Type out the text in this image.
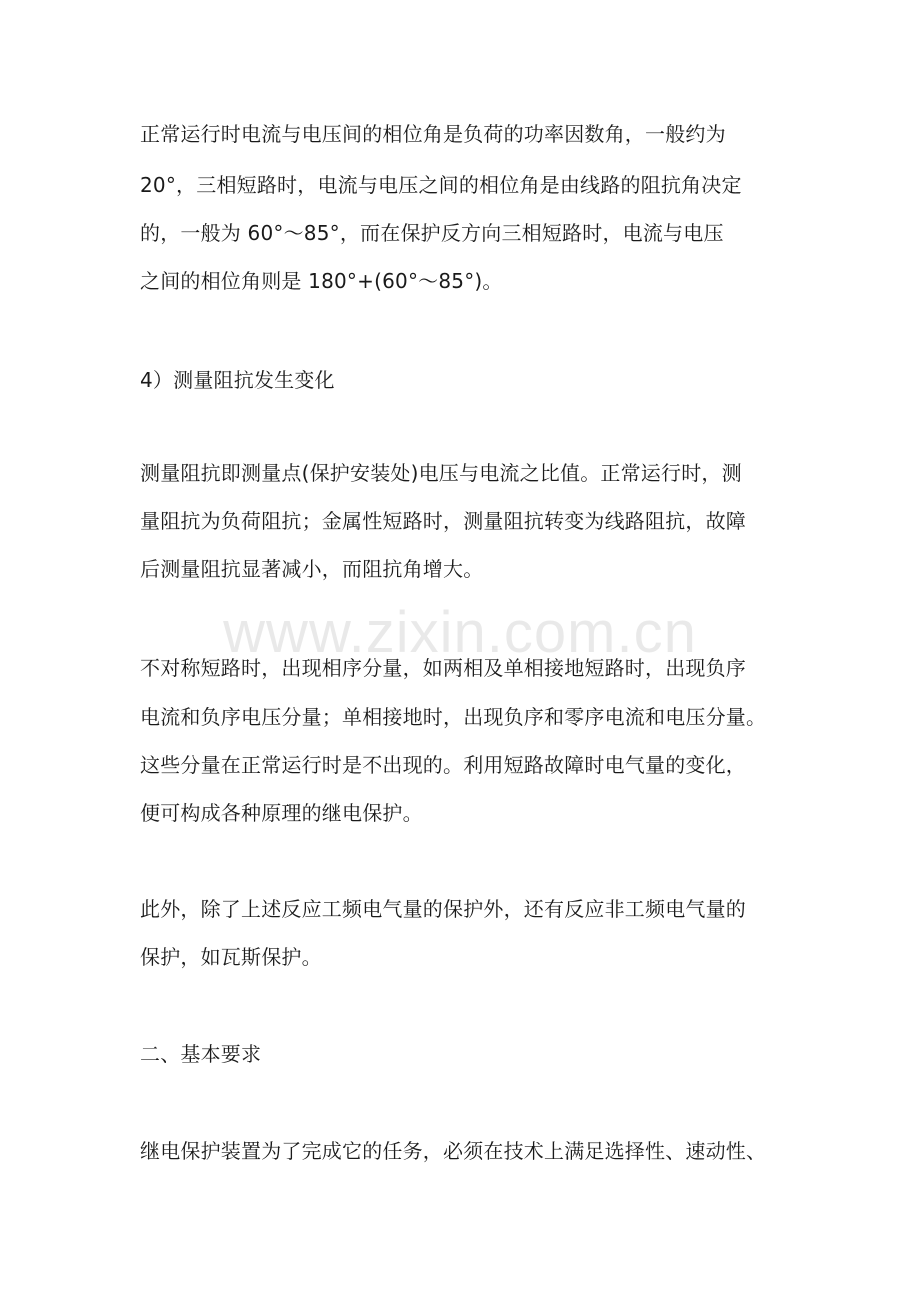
正常运行时电流与电压间的相位角是负荷的功率因数角，一般约为
20°，三相短路时，电流与电压之间的相位角是由线路的阻抗角决定
的，一般为 60°～85°，而在保护反方向三相短路时，电流与电压
之间的相位角则是 180°+(60°～85°)。
4）测量阻抗发生变化
测量阻抗即测量点(保护安装处)电压与电流之比值。正常运行时，测
量阻抗为负荷阻抗；金属性短路时，测量阻抗转变为线路阻抗，故障
后测量阻抗显著减小，而阻抗角增大。
不对称短路时，出现相序分量，如两相及单相接地短路时，出现负序
电流和负序电压分量；单相接地时，出现负序和零序电流和电压分量。
这些分量在正常运行时是不出现的。利用短路故障时电气量的变化，
便可构成各种原理的继电保护。
此外，除了上述反应工频电气量的保护外，还有反应非工频电气量的
保护，如瓦斯保护。
二、基本要求
继电保护装置为了完成它的任务，必须在技术上满足选择性、速动性、
www.zixin.com.cn
